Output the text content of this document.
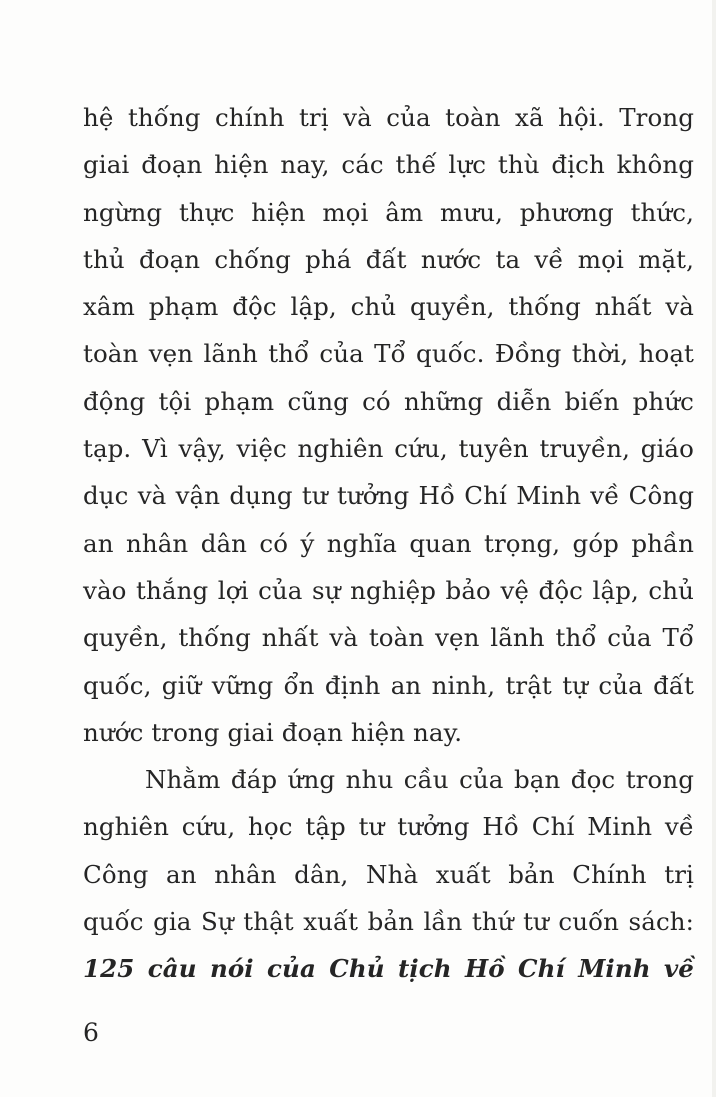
hệ thống chính trị và của toàn xã hội. Trong
giai đoạn hiện nay, các thế lực thù địch không
ngừng thực hiện mọi âm mưu, phương thức,
thủ đoạn chống phá đất nước ta về mọi mặt,
xâm phạm độc lập, chủ quyền, thống nhất và
toàn vẹn lãnh thổ của Tổ quốc. Đồng thời, hoạt
động tội phạm cũng có những diễn biến phức
tạp. Vì vậy, việc nghiên cứu, tuyên truyền, giáo
dục và vận dụng tư tưởng Hồ Chí Minh về Công
an nhân dân có ý nghĩa quan trọng, góp phần
vào thắng lợi của sự nghiệp bảo vệ độc lập, chủ
quyền, thống nhất và toàn vẹn lãnh thổ của Tổ
quốc, giữ vững ổn định an ninh, trật tự của đất
nước trong giai đoạn hiện nay.
Nhằm đáp ứng nhu cầu của bạn đọc trong
nghiên cứu, học tập tư tưởng Hồ Chí Minh về
Công an nhân dân, Nhà xuất bản Chính trị
quốc gia Sự thật xuất bản lần thứ tư cuốn sách:
125 câu nói của Chủ tịch Hồ Chí Minh về
6
